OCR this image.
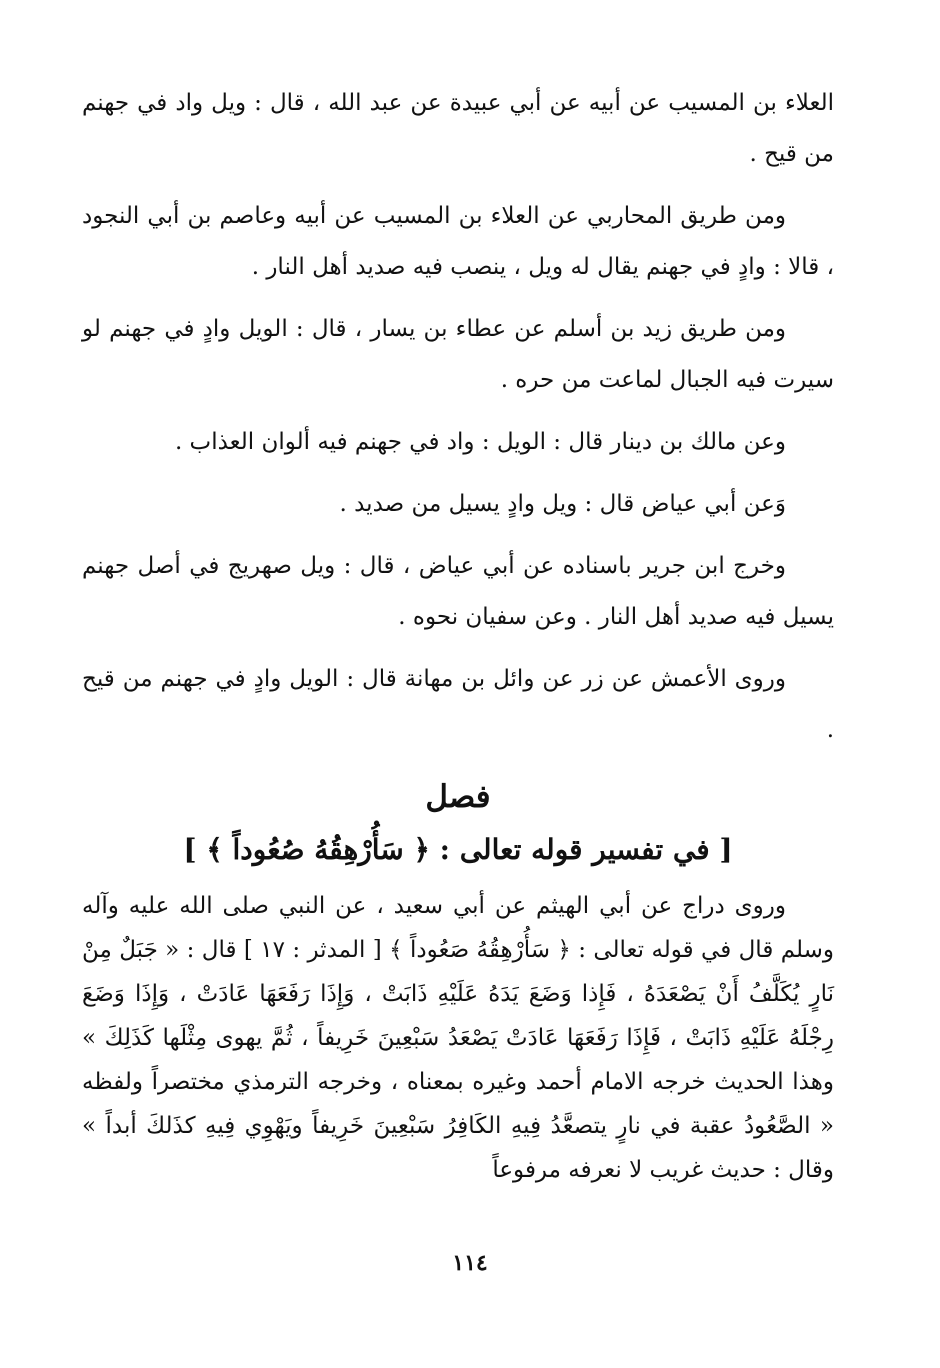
العلاء بن المسيب عن أبيه عن أبي عبيدة عن عبد الله ، قال : ويل واد في جهنم من قيح .

ومن طريق المحاربي عن العلاء بن المسيب عن أبيه وعاصم بن أبي النجود ، قالا : وادٍ في جهنم يقال له ويل ، ينصب فيه صديد أهل النار .

ومن طريق زيد بن أسلم عن عطاء بن يسار ، قال : الويل وادٍ في جهنم لو سيرت فيه الجبال لماعت من حره .

وعن مالك بن دينار قال : الويل : واد في جهنم فيه ألوان العذاب .

وَعن أبي عياض قال : ويل وادٍ يسيل من صديد .

وخرج ابن جرير باسناده عن أبي عياض ، قال : ويل صهريج في أصل جهنم يسيل فيه صديد أهل النار . وعن سفيان نحوه .

وروى الأعمش عن زر عن وائل بن مهانة قال : الويل وادٍ في جهنم من قيح .

فصل
[ في تفسير قوله تعالى : ﴿ سَأُرْهِقُهُ صُعُوداً ﴾ ]

وروى دراج عن أبي الهيثم عن أبي سعيد ، عن النبي صلى الله عليه وآله وسلم قال في قوله تعالى : ﴿ سَأُرْهِقُهُ صَعُوداً ﴾ [ المدثر : ١٧ ] قال : « جَبَلٌ مِنْ نَارٍ يُكَلَّفُ أَنْ يَصْعَدَهُ ، فَإِذا وَضَعَ يَدَهُ عَلَيْهِ ذَابَتْ ، وَإِذَا رَفَعَهَا عَادَتْ ، وَإِذَا وَضَعَ رِجْلَهُ عَلَيْهِ ذَابَتْ ، فَإِذَا رَفَعَهَا عَادَتْ يَصْعَدُ سَبْعِينَ خَرِيفاً ، ثُمَّ يهوى مِثْلَها كَذَلِكَ » وهذا الحديث خرجه الامام أحمد وغيره بمعناه ، وخرجه الترمذي مختصراً ولفظه « الصَّعُودُ عقبة في نارٍ يتصعَّدُ فِيهِ الكَافِرُ سَبْعِينَ خَرِيفاً ويَهْوِي فِيهِ كذَلكَ أبداً » وقال : حديث غريب لا نعرفه مرفوعاً

١١٤
